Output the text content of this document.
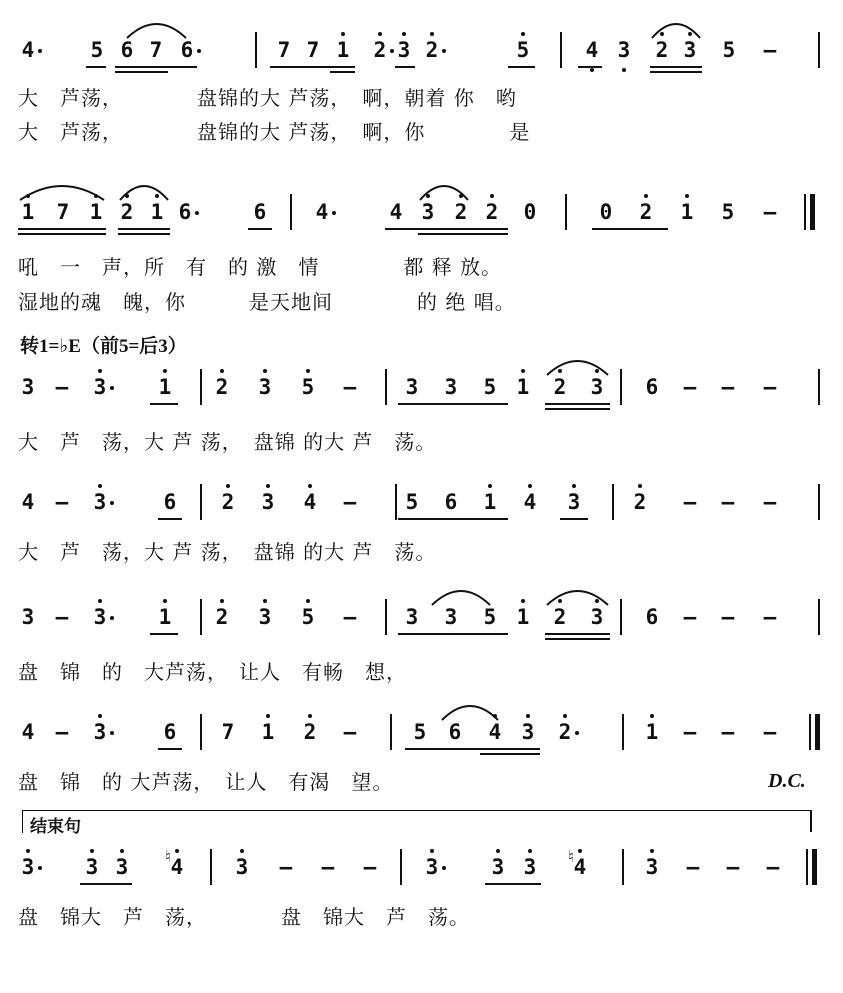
4	5 6 7 6	7 7 1 2 3 2	5	4 3 2 3 5 –
大　芦荡，　　　　盘锦的大 芦荡，　啊，朝着 你　哟
大　芦荡，　　　　盘锦的大 芦荡，　啊，你　　　　是
1 7 1 2 1 6	6 4	4 3 2 2 0	0 2 1 5 –
吼　一　声，所　有　的 激　情　　　　都 释 放。
湿地的魂　魄，你　　　是天地间　　　　的 绝 唱。
转1=♭E（前5=后3）
3 – 3 1 2 3 5 – 3 3 5 1 2 3 6 – – –
大　芦　荡，大 芦 荡，　盘锦 的大 芦　荡。
4 – 3	6 2 3 4 – 5 6 1 4 3	2 – – –
大　芦　荡，大 芦 荡，　盘锦 的大 芦　荡。
3 – 3 1 2 3 5 – 3 3 5 1 2 3 6 – – –
盘　锦　的　大芦荡，　让人　有畅　想，
4 – 3	6 7 1 2 –	5 6 4 3 2	1 – – –
盘　锦　的 大芦荡，　让人　有渴　望。	D.C.
结束句
3 3 3 4
♮	3 – – – 3	3 3 4
♮	3 – – –
盘　锦大　芦　荡，　　　　盘　锦大　芦　荡。
